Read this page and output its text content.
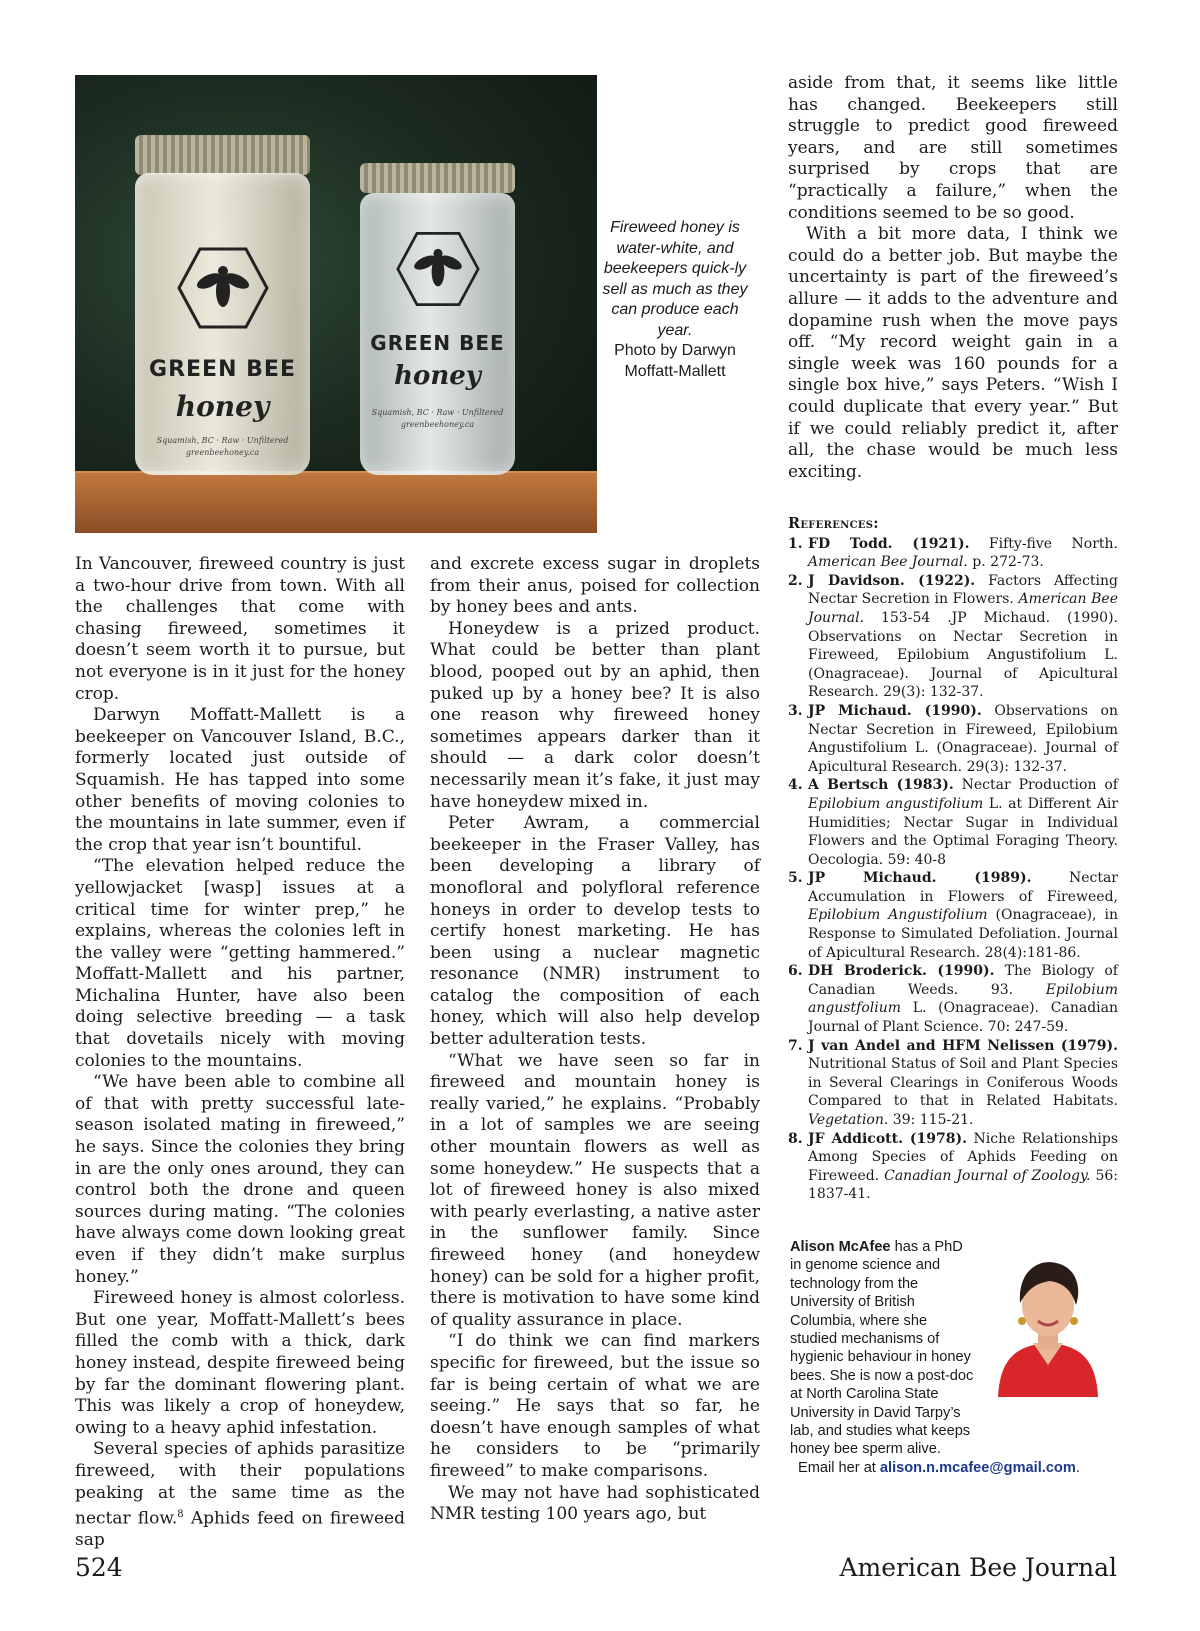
GREEN BEE
honey
Squamish, BC · Raw · Unfiltered
greenbeehoney.ca
GREEN BEE
honey
Squamish, BC · Raw · Unfiltered
greenbeehoney.ca
Fireweed honey is water-white, and beekeepers quick-ly sell as much as they can produce each year.
Photo by Darwyn Moffatt-Mallett

In Vancouver, fireweed country is just a two-hour drive from town. With all the challenges that come with chasing fireweed, sometimes it doesn’t seem worth it to pursue, but not everyone is in it just for the honey crop.

Darwyn Moffatt-Mallett is a beekeeper on Vancouver Island, B.C., formerly located just outside of Squamish. He has tapped into some other benefits of moving colonies to the mountains in late summer, even if the crop that year isn’t bountiful.

“The elevation helped reduce the yellowjacket [wasp] issues at a critical time for winter prep,” he explains, whereas the colonies left in the valley were “getting hammered.” Moffatt-Mallett and his partner, Michalina Hunter, have also been doing selective breeding — a task that dovetails nicely with moving colonies to the mountains.

“We have been able to combine all of that with pretty successful late-season isolated mating in fireweed,” he says. Since the colonies they bring in are the only ones around, they can control both the drone and queen sources during mating. “The colonies have always come down looking great even if they didn’t make surplus honey.”

Fireweed honey is almost colorless. But one year, Moffatt-Mallett’s bees filled the comb with a thick, dark honey instead, despite fireweed being by far the dominant flowering plant. This was likely a crop of honeydew, owing to a heavy aphid infestation.

Several species of aphids parasitize fireweed, with their populations peaking at the same time as the nectar flow.$^8$ Aphids feed on fireweed sap

and excrete excess sugar in droplets from their anus, poised for collection by honey bees and ants.

Honeydew is a prized product. What could be better than plant blood, pooped out by an aphid, then puked up by a honey bee? It is also one reason why fireweed honey sometimes appears darker than it should — a dark color doesn’t necessarily mean it’s fake, it just may have honeydew mixed in.

Peter Awram, a commercial beekeeper in the Fraser Valley, has been developing a library of monofloral and polyfloral reference honeys in order to develop tests to certify honest marketing. He has been using a nuclear magnetic resonance (NMR) instrument to catalog the composition of each honey, which will also help develop better adulteration tests.

“What we have seen so far in fireweed and mountain honey is really varied,” he explains. “Probably in a lot of samples we are seeing other mountain flowers as well as some honeydew.” He suspects that a lot of fireweed honey is also mixed with pearly everlasting, a native aster in the sunflower family. Since fireweed honey (and honeydew honey) can be sold for a higher profit, there is motivation to have some kind of quality assurance in place.

“I do think we can find markers specific for fireweed, but the issue so far is being certain of what we are seeing.” He says that so far, he doesn’t have enough samples of what he considers to be “primarily fireweed” to make comparisons.

We may not have had sophisticated NMR testing 100 years ago, but

aside from that, it seems like little has changed. Beekeepers still struggle to predict good fireweed years, and are still sometimes surprised by crops that are “practically a failure,” when the conditions seemed to be so good.

With a bit more data, I think we could do a better job. But maybe the uncertainty is part of the fireweed’s allure — it adds to the adventure and dopamine rush when the move pays off. “My record weight gain in a single week was 160 pounds for a single box hive,” says Peters. “Wish I could duplicate that every year.” But if we could reliably predict it, after all, the chase would be much less exciting.

References:
1. FD Todd. (1921). Fifty-five North. American Bee Journal. p. 272-73.
2. J Davidson. (1922). Factors Affecting Nectar Secretion in Flowers. American Bee Journal. 153-54 .JP Michaud. (1990). Observations on Nectar Secretion in Fireweed, Epilobium Angustifolium L. (Onagraceae). Journal of Apicultural Research. 29(3): 132-37.
3. JP Michaud. (1990). Observations on Nectar Secretion in Fireweed, Epilobium Angustifolium L. (Onagraceae). Journal of Apicultural Research. 29(3): 132-37.
4. A Bertsch (1983). Nectar Production of Epilobium angustifolium L. at Different Air Humidities; Nectar Sugar in Individual Flowers and the Optimal Foraging Theory. Oecologia. 59: 40-8
5. JP Michaud. (1989). Nectar Accumulation in Flowers of Fireweed, Epilobium Angustifolium (Onagraceae), in Response to Simulated Defoliation. Journal of Apicultural Research. 28(4):181-86.
6. DH Broderick. (1990). The Biology of Canadian Weeds. 93. Epilobium angustfolium L. (Onagraceae). Canadian Journal of Plant Science. 70: 247-59.
7. J van Andel and HFM Nelissen (1979). Nutritional Status of Soil and Plant Species in Several Clearings in Coniferous Woods Compared to that in Related Habitats. Vegetation. 39: 115-21.
8. JF Addicott. (1978). Niche Relationships Among Species of Aphids Feeding on Fireweed. Canadian Journal of Zoology. 56: 1837-41.
Alison McAfee has a PhD in genome science and technology from the University of British Columbia, where she studied mechanisms of hygienic behaviour in honey bees. She is now a post-doc at North Carolina State University in David Tarpy’s lab, and studies what keeps honey bee sperm alive.
Email her at alison.n.mcafee@gmail.com.
524	American Bee Journal
